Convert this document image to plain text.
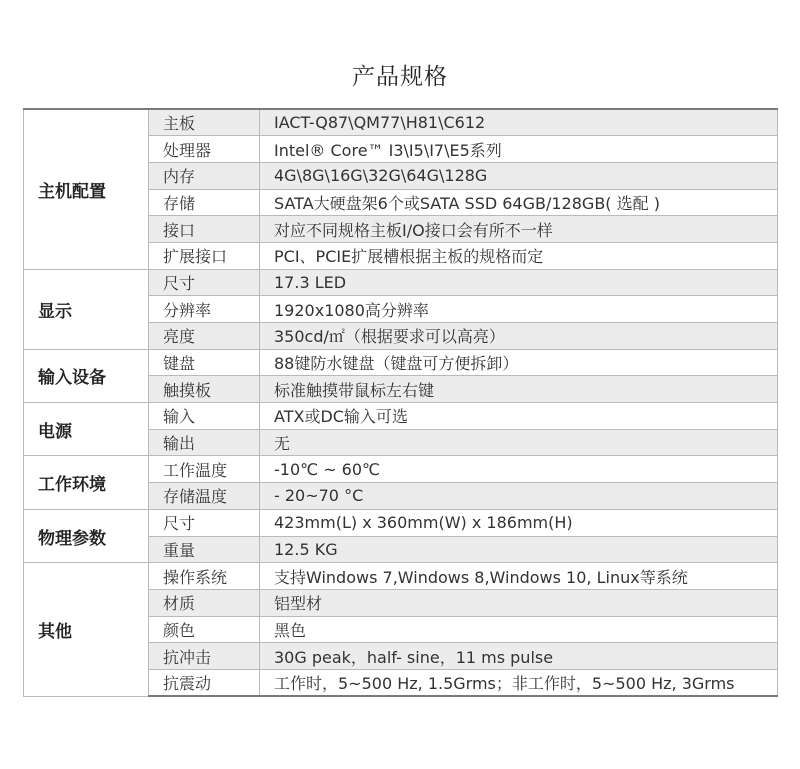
产品规格
主机配置	主板	IACT-Q87\QM77\H81\C612
	处理器	Intel® Core™ I3\I5\I7\E5系列
	内存	4G\8G\16G\32G\64G\128G
	存储	SATA大硬盘架6个或SATA SSD 64GB/128GB( 选配 )
	接口	对应不同规格主板I/O接口会有所不一样
	扩展接口	PCI、PCIE扩展槽根据主板的规格而定
显示	尺寸	17.3 LED
	分辨率	1920x1080高分辨率
	亮度	350cd/㎡（根据要求可以高亮）
输入设备	键盘	88键防水键盘（键盘可方便拆卸）
	触摸板	标准触摸带鼠标左右键
电源	输入	ATX或DC输入可选
	输出	无
工作环境	工作温度	-10℃ ~ 60℃
	存储温度	- 20~70 °C
物理参数	尺寸	423mm(L) x 360mm(W) x 186mm(H)
	重量	12.5 KG
其他	操作系统	支持Windows 7,Windows 8,Windows 10, Linux等系统
	材质	铝型材
	颜色	黑色
	抗冲击	30G peak，half- sine，11 ms pulse
	抗震动	工作时，5~500 Hz, 1.5Grms；非工作时，5~500 Hz, 3Grms
